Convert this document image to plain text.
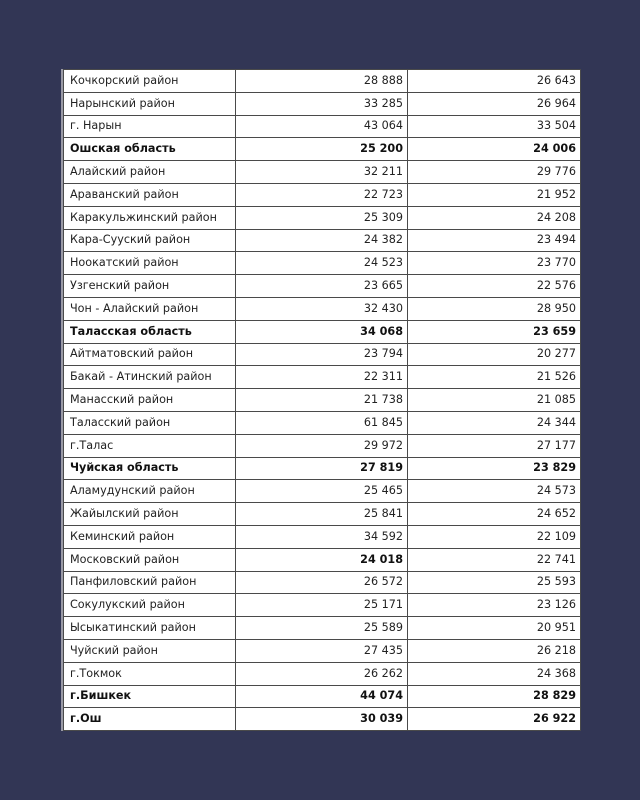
Кочкорский район	28 888	26 643
Нарынский район	33 285	26 964
г. Нарын	43 064	33 504
Ошская область	25 200	24 006
Алайский район	32 211	29 776
Араванский район	22 723	21 952
Каракульжинский район	25 309	24 208
Кара-Сууский район	24 382	23 494
Ноокатский район	24 523	23 770
Узгенский район	23 665	22 576
Чон - Алайский район	32 430	28 950
Таласская область	34 068	23 659
Айтматовский район	23 794	20 277
Бакай - Атинский район	22 311	21 526
Манасский район	21 738	21 085
Таласский район	61 845	24 344
г.Талас	29 972	27 177
Чуйская область	27 819	23 829
Аламудунский район	25 465	24 573
Жайылский район	25 841	24 652
Кеминский район	34 592	22 109
Московский район	24 018	22 741
Панфиловский район	26 572	25 593
Сокулукский район	25 171	23 126
Ысыкатинский район	25 589	20 951
Чуйский район	27 435	26 218
г.Токмок	26 262	24 368
г.Бишкек	44 074	28 829
г.Ош	30 039	26 922
